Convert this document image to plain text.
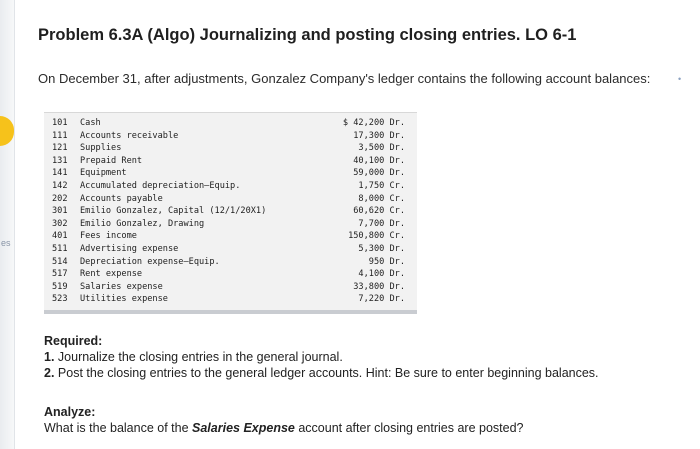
es
Problem 6.3A (Algo) Journalizing and posting closing entries. LO 6-1
On December 31, after adjustments, Gonzalez Company's ledger contains the following account balances:	•
101 Cash	$ 42,200 Dr.
111 Accounts receivable	17,300 Dr.
121 Supplies	3,500 Dr.
131 Prepaid Rent	40,100 Dr.
141 Equipment	59,000 Dr.
142 Accumulated depreciation—Equip.	1,750 Cr.
202 Accounts payable	8,000 Cr.
301 Emilio Gonzalez, Capital (12/1/20X1)	60,620 Cr.
302 Emilio Gonzalez, Drawing	7,700 Dr.
401 Fees income	150,800 Cr.
511 Advertising expense	5,300 Dr.
514 Depreciation expense—Equip.	950 Dr.
517 Rent expense	4,100 Dr.
519 Salaries expense	33,800 Dr.
523 Utilities expense	7,220 Dr.
Required:
1. Journalize the closing entries in the general journal.
2. Post the closing entries to the general ledger accounts. Hint: Be sure to enter beginning balances.
Analyze:
What is the balance of the Salaries Expense account after closing entries are posted?
